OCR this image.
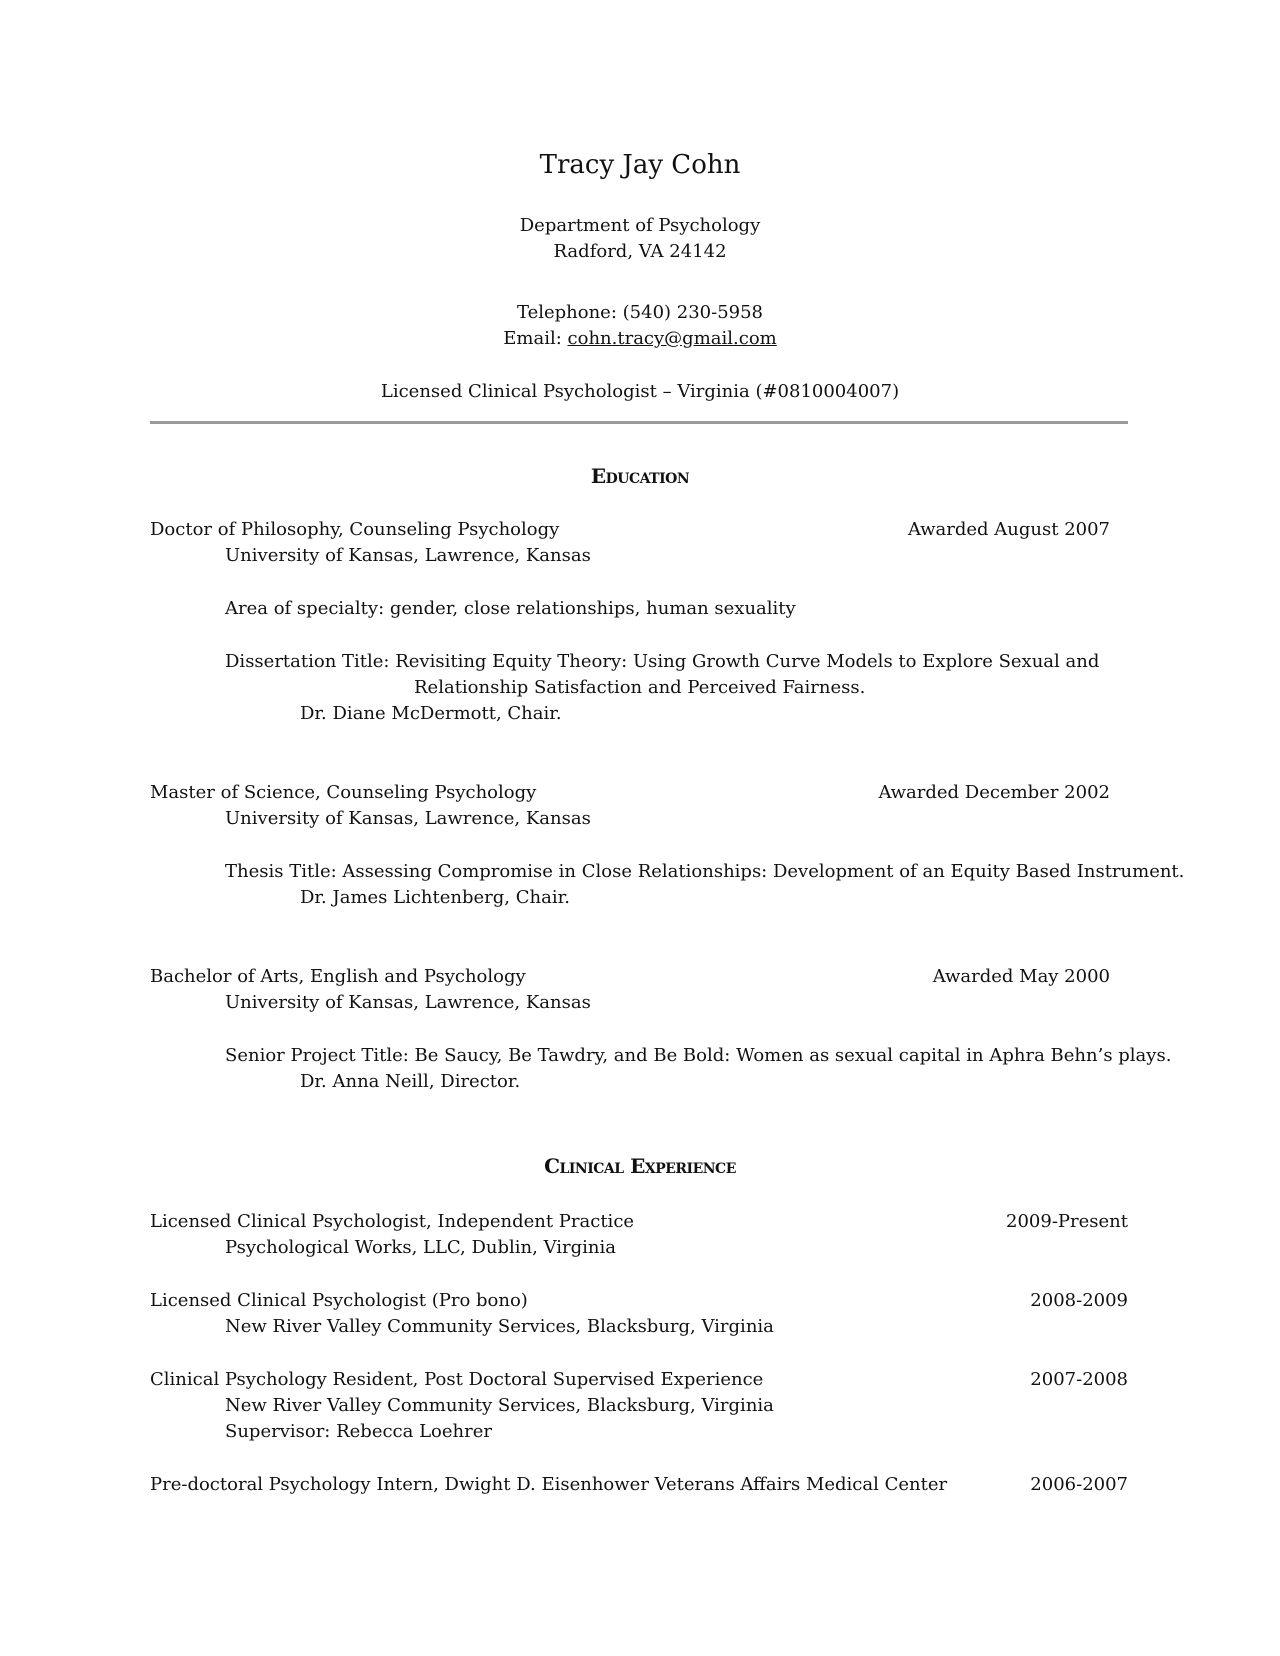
Tracy Jay Cohn
Department of Psychology
Radford, VA 24142
Telephone: (540) 230-5958
Email: cohn.tracy@gmail.com
Licensed Clinical Psychologist – Virginia (#0810004007)
Education
Doctor of Philosophy, Counseling Psychology	Awarded August 2007
University of Kansas, Lawrence, Kansas
Area of specialty: gender, close relationships, human sexuality
Dissertation Title: Revisiting Equity Theory: Using Growth Curve Models to Explore Sexual and
Relationship Satisfaction and Perceived Fairness.
Dr. Diane McDermott, Chair.
Master of Science, Counseling Psychology	Awarded December 2002
University of Kansas, Lawrence, Kansas
Thesis Title: Assessing Compromise in Close Relationships: Development of an Equity Based Instrument.
Dr. James Lichtenberg, Chair.
Bachelor of Arts, English and Psychology	Awarded May 2000
University of Kansas, Lawrence, Kansas
Senior Project Title: Be Saucy, Be Tawdry, and Be Bold: Women as sexual capital in Aphra Behn’s plays.
Dr. Anna Neill, Director.
Clinical Experience
Licensed Clinical Psychologist, Independent Practice	2009-Present
Psychological Works, LLC, Dublin, Virginia
Licensed Clinical Psychologist (Pro bono)	2008-2009
New River Valley Community Services, Blacksburg, Virginia
Clinical Psychology Resident, Post Doctoral Supervised Experience	2007-2008
New River Valley Community Services, Blacksburg, Virginia
Supervisor: Rebecca Loehrer
Pre-doctoral Psychology Intern, Dwight D. Eisenhower Veterans Affairs Medical Center	2006-2007
